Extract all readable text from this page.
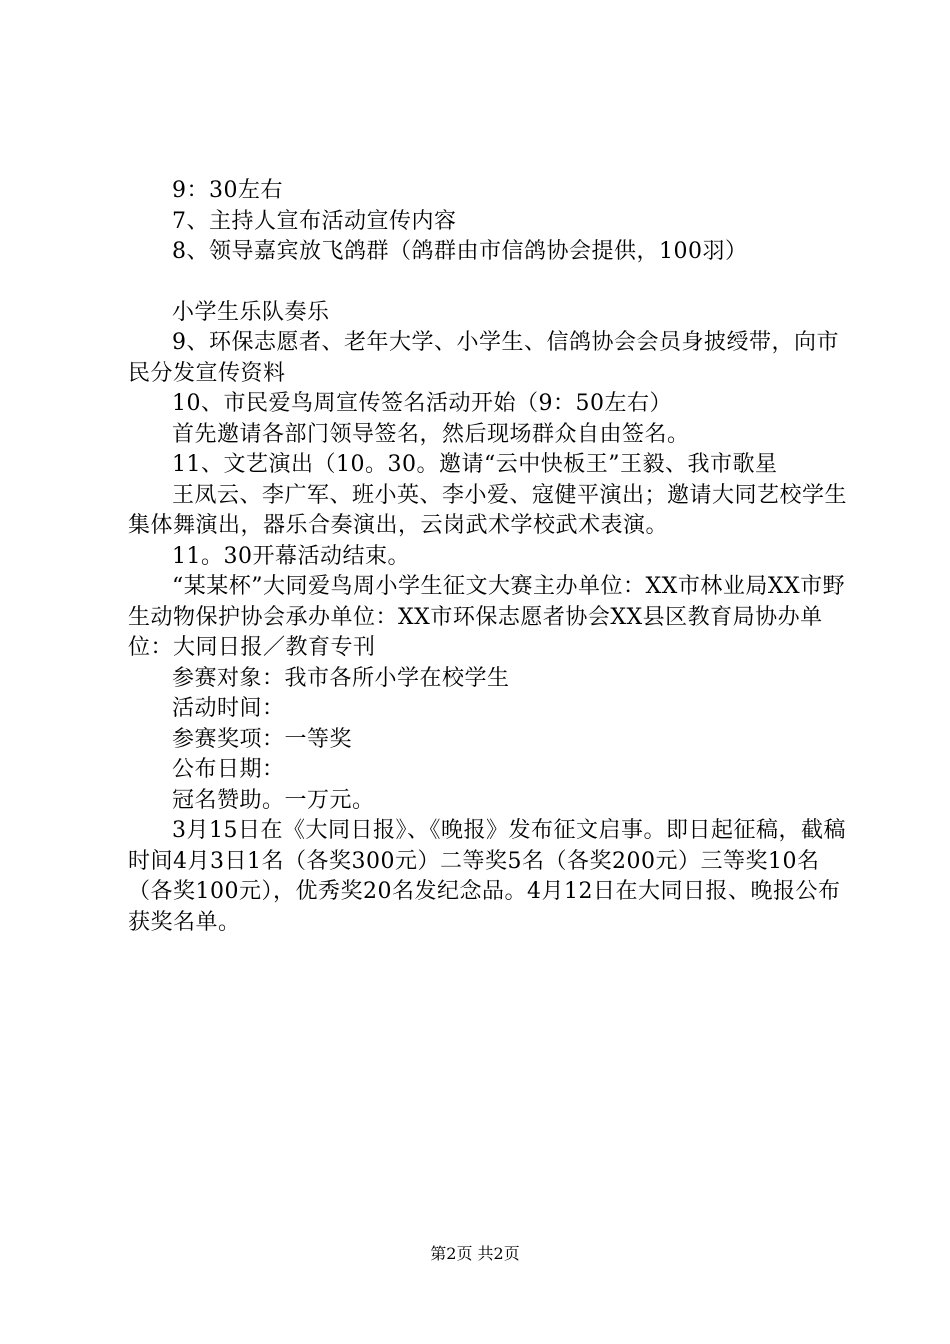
9：30左右

7、主持人宣布活动宣传内容

8、领导嘉宾放飞鸽群（鸽群由市信鸽协会提供，100羽）

小学生乐队奏乐

9、环保志愿者、老年大学、小学生、信鸽协会会员身披绶带，向市民分发宣传资料

10、市民爱鸟周宣传签名活动开始（9：50左右）

首先邀请各部门领导签名，然后现场群众自由签名。

11、文艺演出（10。30。邀请“云中快板王”王毅、我市歌星

王凤云、李广军、班小英、李小爱、寇健平演出；邀请大同艺校学生集体舞演出，器乐合奏演出，云岗武术学校武术表演。

11。30开幕活动结束。

“某某杯”大同爱鸟周小学生征文大赛主办单位：XX市林业局XX市野生动物保护协会承办单位：XX市环保志愿者协会XX县区教育局协办单位：大同日报／教育专刊

参赛对象：我市各所小学在校学生

活动时间：

参赛奖项：一等奖

公布日期：

冠名赞助。一万元。

3月15日在《大同日报》、《晚报》发布征文启事。即日起征稿，截稿时间4月3日1名（各奖300元）二等奖5名（各奖200元）三等奖10名（各奖100元），优秀奖20名发纪念品。4月12日在大同日报、晚报公布获奖名单。

第2页 共2页
